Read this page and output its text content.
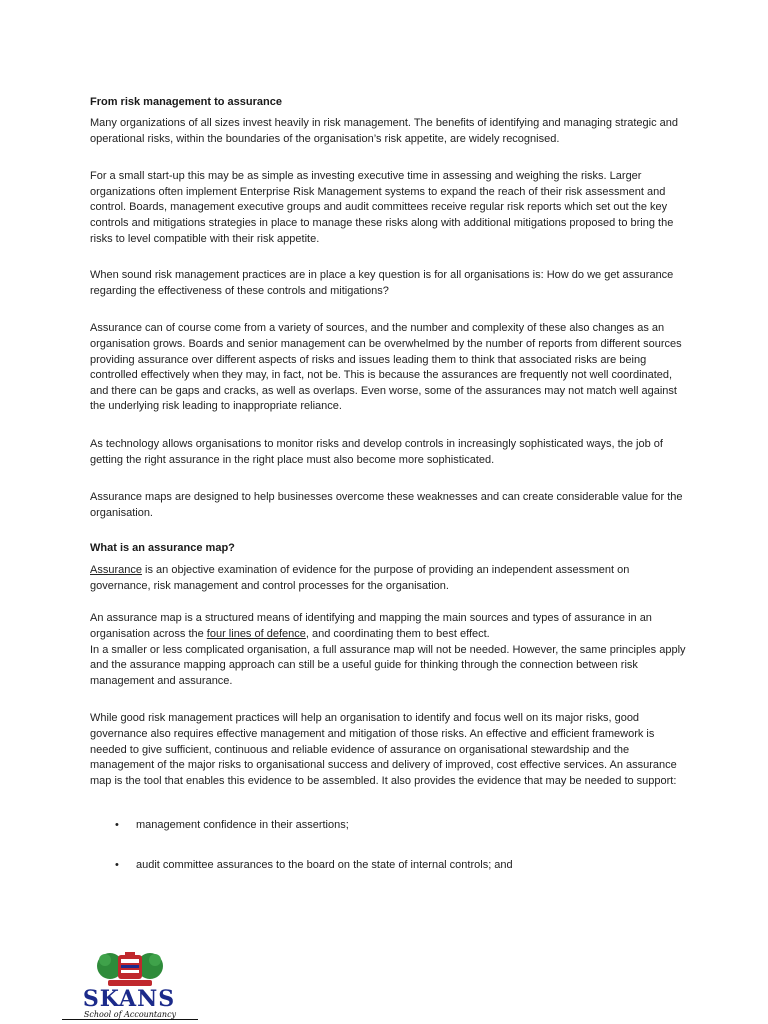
From risk management to assurance

Many organizations of all sizes invest heavily in risk management. The benefits of identifying and managing strategic and operational risks, within the boundaries of the organisation’s risk appetite, are widely recognised.

For a small start-up this may be as simple as investing executive time in assessing and weighing the risks. Larger organizations often implement Enterprise Risk Management systems to expand the reach of their risk assessment and control. Boards, management executive groups and audit committees receive regular risk reports which set out the key controls and mitigations strategies in place to manage these risks along with additional mitigations proposed to bring the risks to level compatible with their risk appetite.

When sound risk management practices are in place a key question is for all organisations is: How do we get assurance regarding the effectiveness of these controls and mitigations?

Assurance can of course come from a variety of sources, and the number and complexity of these also changes as an organisation grows. Boards and senior management can be overwhelmed by the number of reports from different sources providing assurance over different aspects of risks and issues leading them to think that associated risks are being controlled effectively when they may, in fact, not be. This is because the assurances are frequently not well coordinated, and there can be gaps and cracks, as well as overlaps. Even worse, some of the assurances may not match well against the underlying risk leading to inappropriate reliance.

As technology allows organisations to monitor risks and develop controls in increasingly sophisticated ways, the job of getting the right assurance in the right place must also become more sophisticated.

Assurance maps are designed to help businesses overcome these weaknesses and can create considerable value for the organisation.

What is an assurance map?

Assurance is an objective examination of evidence for the purpose of providing an independent assessment on governance, risk management and control processes for the organisation.

An assurance map is a structured means of identifying and mapping the main sources and types of assurance in an organisation across the four lines of defence, and coordinating them to best effect.

In a smaller or less complicated organisation, a full assurance map will not be needed. However, the same principles apply and the assurance mapping approach can still be a useful guide for thinking through the connection between risk management and assurance.

While good risk management practices will help an organisation to identify and focus well on its major risks, good governance also requires effective management and mitigation of those risks. An effective and efficient framework is needed to give sufficient, continuous and reliable evidence of assurance on organisational stewardship and the management of the major risks to organisational success and delivery of improved, cost effective services. An assurance map is the tool that enables this evidence to be assembled. It also provides the evidence that may be needed to support:

• management confidence in their assertions;
• audit committee assurances to the board on the state of internal controls; and
SKANS
School of Accountancy
